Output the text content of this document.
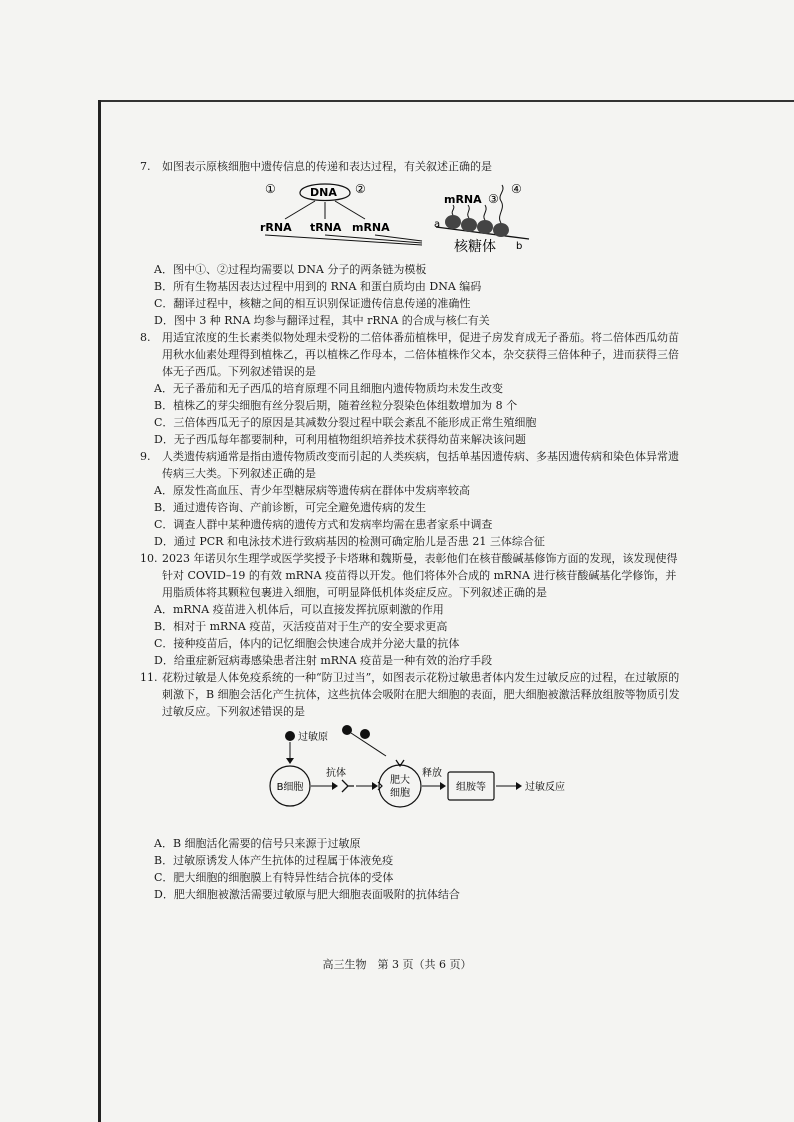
7. 如图表示原核细胞中遗传信息的传递和表达过程，有关叙述正确的是
①	DNA ②
rRNA tRNA mRNA
mRNA ③
④
a
b
核糖体
A．图中①、②过程均需要以 DNA 分子的两条链为模板
B．所有生物基因表达过程中用到的 RNA 和蛋白质均由 DNA 编码
C．翻译过程中，核糖之间的相互识别保证遗传信息传递的准确性
D．图中 3 种 RNA 均参与翻译过程，其中 rRNA 的合成与核仁有关
8. 用适宜浓度的生长素类似物处理未受粉的二倍体番茄植株甲，促进子房发育成无子番茄。将二倍体西瓜幼苗用秋水仙素处理得到植株乙，再以植株乙作母本，二倍体植株作父本，杂交获得三倍体种子，进而获得三倍体无子西瓜。下列叙述错误的是
A．无子番茄和无子西瓜的培育原理不同且细胞内遗传物质均未发生改变
B．植株乙的芽尖细胞有丝分裂后期，随着丝粒分裂染色体组数增加为 8 个
C．三倍体西瓜无子的原因是其减数分裂过程中联会紊乱不能形成正常生殖细胞
D．无子西瓜每年都要制种，可利用植物组织培养技术获得幼苗来解决该问题
9. 人类遗传病通常是指由遗传物质改变而引起的人类疾病，包括单基因遗传病、多基因遗传病和染色体异常遗传病三大类。下列叙述正确的是
A．原发性高血压、青少年型糖尿病等遗传病在群体中发病率较高
B．通过遗传咨询、产前诊断，可完全避免遗传病的发生
C．调查人群中某种遗传病的遗传方式和发病率均需在患者家系中调查
D．通过 PCR 和电泳技术进行致病基因的检测可确定胎儿是否患 21 三体综合征
10. 2023 年诺贝尔生理学或医学奖授予卡塔琳和魏斯曼，表彰他们在核苷酸碱基修饰方面的发现，该发现使得针对 COVID–19 的有效 mRNA 疫苗得以开发。他们将体外合成的 mRNA 进行核苷酸碱基化学修饰，并用脂质体将其颗粒包裹进入细胞，可明显降低机体炎症反应。下列叙述正确的是
A．mRNA 疫苗进入机体后，可以直接发挥抗原刺激的作用
B．相对于 mRNA 疫苗，灭活疫苗对于生产的安全要求更高
C．接种疫苗后，体内的记忆细胞会快速合成并分泌大量的抗体
D．给重症新冠病毒感染患者注射 mRNA 疫苗是一种有效的治疗手段
11. 花粉过敏是人体免疫系统的一种“防卫过当”，如图表示花粉过敏患者体内发生过敏反应的过程，在过敏原的刺激下，B 细胞会活化产生抗体，这些抗体会吸附在肥大细胞的表面，肥大细胞被激活释放组胺等物质引发过敏反应。下列叙述错误的是
过敏原
B细胞
抗体
肥大
细胞
释放
组胺等	过敏反应
A．B 细胞活化需要的信号只来源于过敏原
B．过敏原诱发人体产生抗体的过程属于体液免疫
C．肥大细胞的细胞膜上有特异性结合抗体的受体
D．肥大细胞被激活需要过敏原与肥大细胞表面吸附的抗体结合
高三生物　第 3 页（共 6 页）
